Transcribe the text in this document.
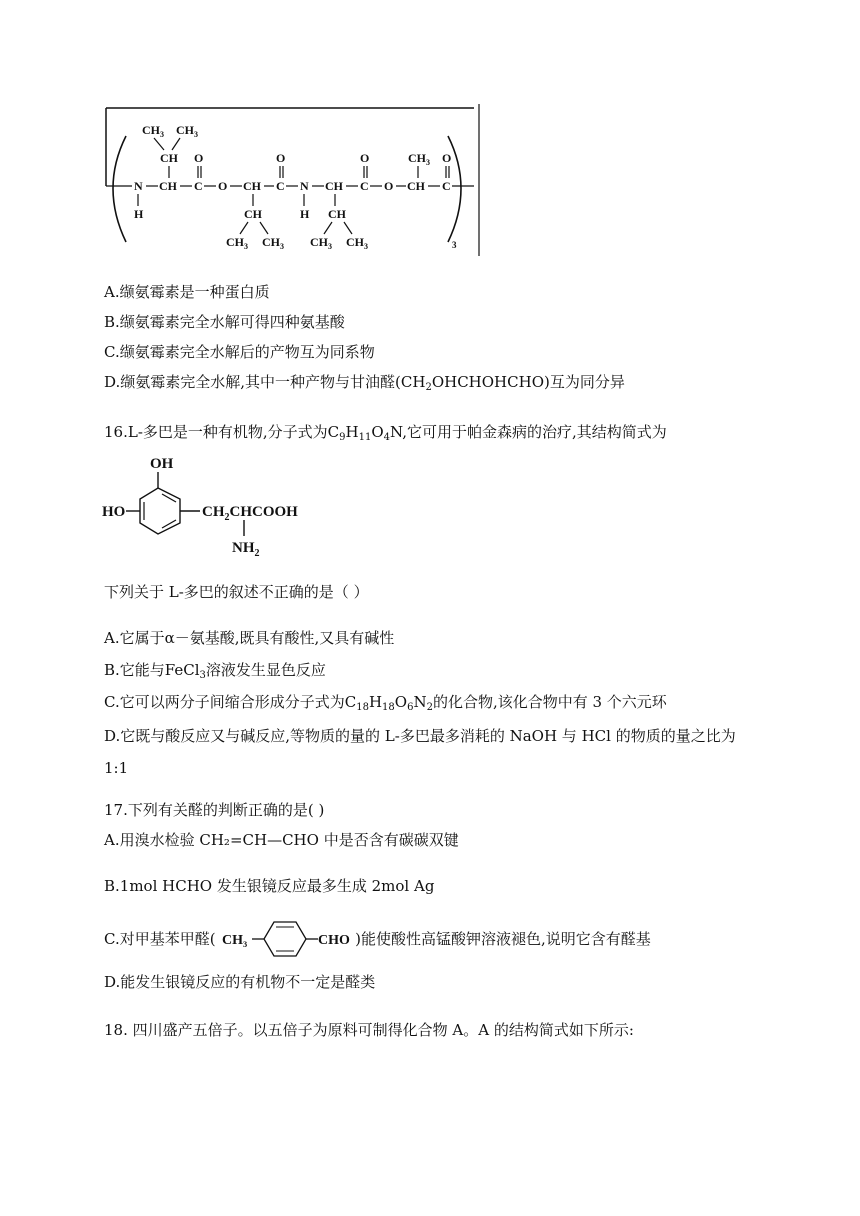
$CH_3$ $CH_3$
CH O	O	O	O
$CH_3$
N CH C O CH C N CH C O CH C
H	H
CH
$CH_3$ $CH_3$
CH
$CH_3$ $CH_3$	3
A.缬氨霉素是一种蛋白质
B.缬氨霉素完全水解可得四种氨基酸
C.缬氨霉素完全水解后的产物互为同系物
D.缬氨霉素完全水解,其中一种产物与甘油醛$(CH_2OHCHOHCHO)$互为同分异
16.L-多巴是一种有机物,分子式为$C_9H_{11}O_4N$,它可用于帕金森病的治疗,其结构简式为
OH
HO	$CH_2CHCOOH$
$NH_2$
下列关于 L-多巴的叙述不正确的是（ ）
A.它属于α－氨基酸,既具有酸性,又具有碱性
B.它能与FeCl$_3$溶液发生显色反应
C.它可以两分子间缩合形成分子式为$C_{18}H_{18}O_6N_2$的化合物,该化合物中有 3 个六元环
D.它既与酸反应又与碱反应,等物质的量的 L-多巴最多消耗的 NaOH 与 HCl 的物质的量之比为
1:1
17.下列有关醛的判断正确的是( )
A.用溴水检验 CH₂=CH—CHO 中是否含有碳碳双键
B.1mol HCHO 发生银镜反应最多生成 2mol Ag
C.对甲基苯甲醛(	)能使酸性高锰酸钾溶液褪色,说明它含有醛基
CH₃	CHO
D.能发生银镜反应的有机物不一定是醛类
18. 四川盛产五倍子。以五倍子为原料可制得化合物 A。A 的结构简式如下所示:
